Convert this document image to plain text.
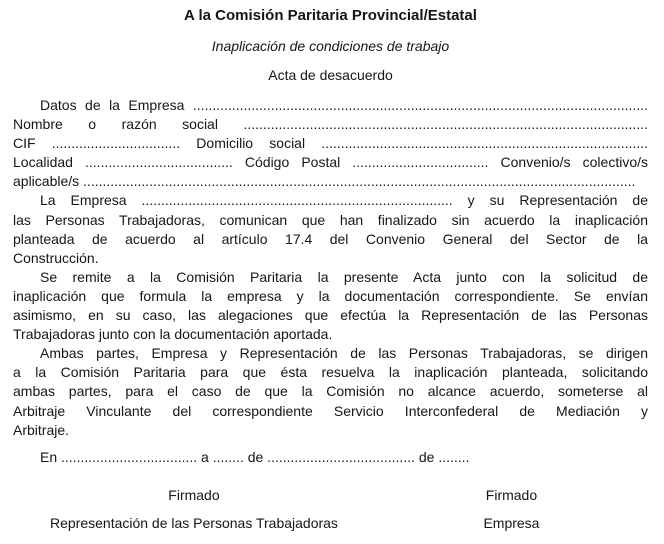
A la Comisión Paritaria Provincial/Estatal
Inaplicación de condiciones de trabajo
Acta de desacuerdo
Datos de la Empresa .....................................................................................................................
Nombre o razón social ........................................................................................................
CIF ................................. Domicilio social ....................................................................................
Localidad ...................................... Código Postal ................................... Convenio/s colectivo/s
aplicable/s ..............................................................................................................................................
La Empresa ................................................................................ y su Representación de
las Personas Trabajadoras, comunican que han finalizado sin acuerdo la inaplicación
planteada de acuerdo al artículo 17.4 del Convenio General del Sector de la
Construcción.
Se remite a la Comisión Paritaria la presente Acta junto con la solicitud de
inaplicación que formula la empresa y la documentación correspondiente. Se envían
asimismo, en su caso, las alegaciones que efectúa la Representación de las Personas
Trabajadoras junto con la documentación aportada.
Ambas partes, Empresa y Representación de las Personas Trabajadoras, se dirigen
a la Comisión Paritaria para que ésta resuelva la inaplicación planteada, solicitando
ambas partes, para el caso de que la Comisión no alcance acuerdo, someterse al
Arbitraje Vinculante del correspondiente Servicio Interconfederal de Mediación y
Arbitraje.
En ................................... a ........ de ...................................... de ........
Firmado
Representación de las Personas Trabajadoras
Firmado
Empresa
